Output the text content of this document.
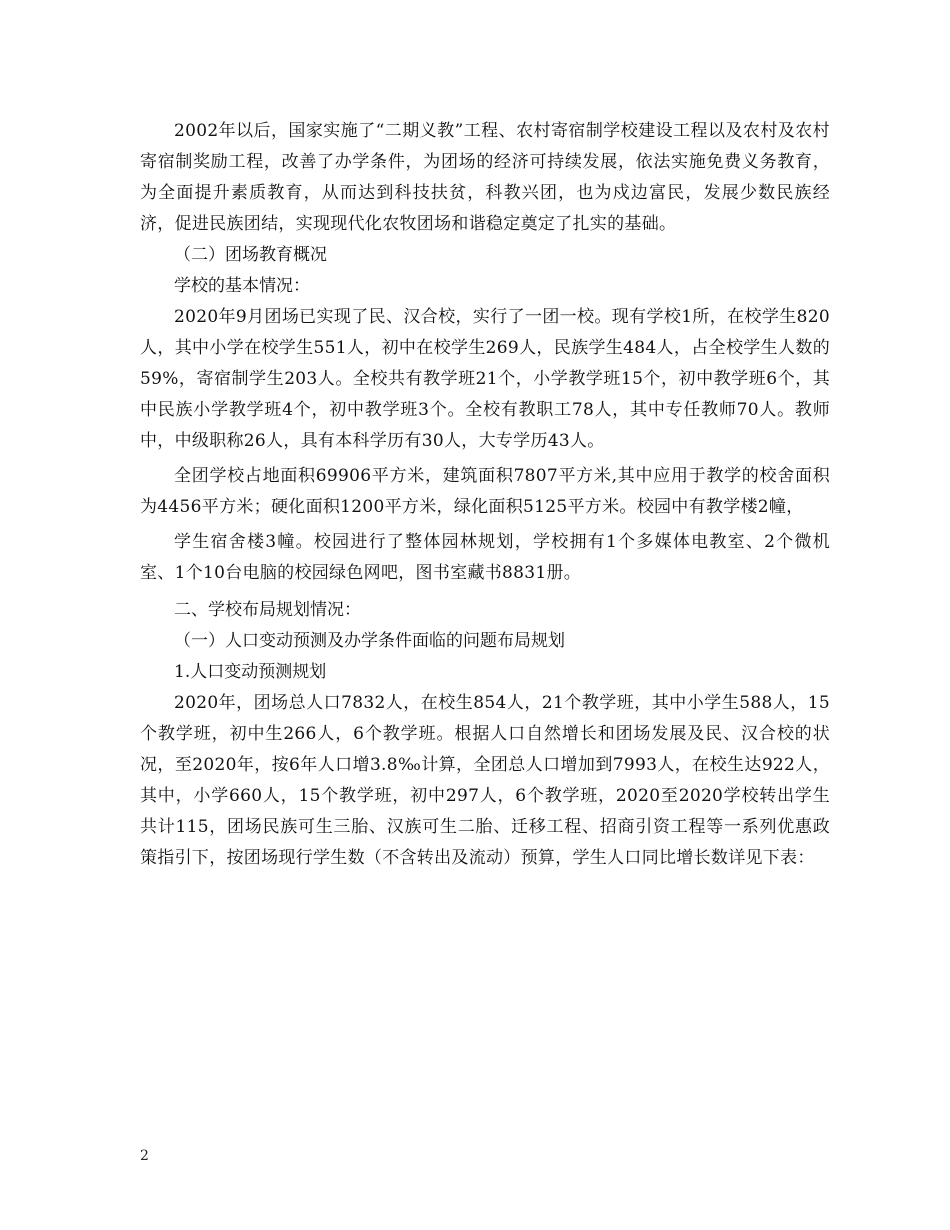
2002年以后，国家实施了“二期义教”工程、农村寄宿制学校建设工程以及农村及农村寄宿制奖励工程，改善了办学条件，为团场的经济可持续发展，依法实施免费义务教育，为全面提升素质教育，从而达到科技扶贫，科教兴团，也为戍边富民，发展少数民族经济，促进民族团结，实现现代化农牧团场和谐稳定奠定了扎实的基础。

（二）团场教育概况

学校的基本情况：

2020年9月团场已实现了民、汉合校，实行了一团一校。现有学校1所，在校学生820人，其中小学在校学生551人，初中在校学生269人，民族学生484人，占全校学生人数的59%，寄宿制学生203人。全校共有教学班21个，小学教学班15个，初中教学班6个，其中民族小学教学班4个，初中教学班3个。全校有教职工78人，其中专任教师70人。教师中，中级职称26人，具有本科学历有30人，大专学历43人。

全团学校占地面积69906平方米，建筑面积7807平方米,其中应用于教学的校舍面积为4456平方米；硬化面积1200平方米，绿化面积5125平方米。校园中有教学楼2幢，

学生宿舍楼3幢。校园进行了整体园林规划，学校拥有1个多媒体电教室、2个微机室、1个10台电脑的校园绿色网吧，图书室藏书8831册。

二、学校布局规划情况：

（一）人口变动预测及办学条件面临的问题布局规划

1.人口变动预测规划

2020年，团场总人口7832人，在校生854人，21个教学班，其中小学生588人，15个教学班，初中生266人，6个教学班。根据人口自然增长和团场发展及民、汉合校的状况，至2020年，按6年人口增3.8‰计算，全团总人口增加到7993人，在校生达922人，其中，小学660人，15个教学班，初中297人，6个教学班，2020至2020学校转出学生共计115，团场民族可生三胎、汉族可生二胎、迁移工程、招商引资工程等一系列优惠政策指引下，按团场现行学生数（不含转出及流动）预算，学生人口同比增长数详见下表：

2
